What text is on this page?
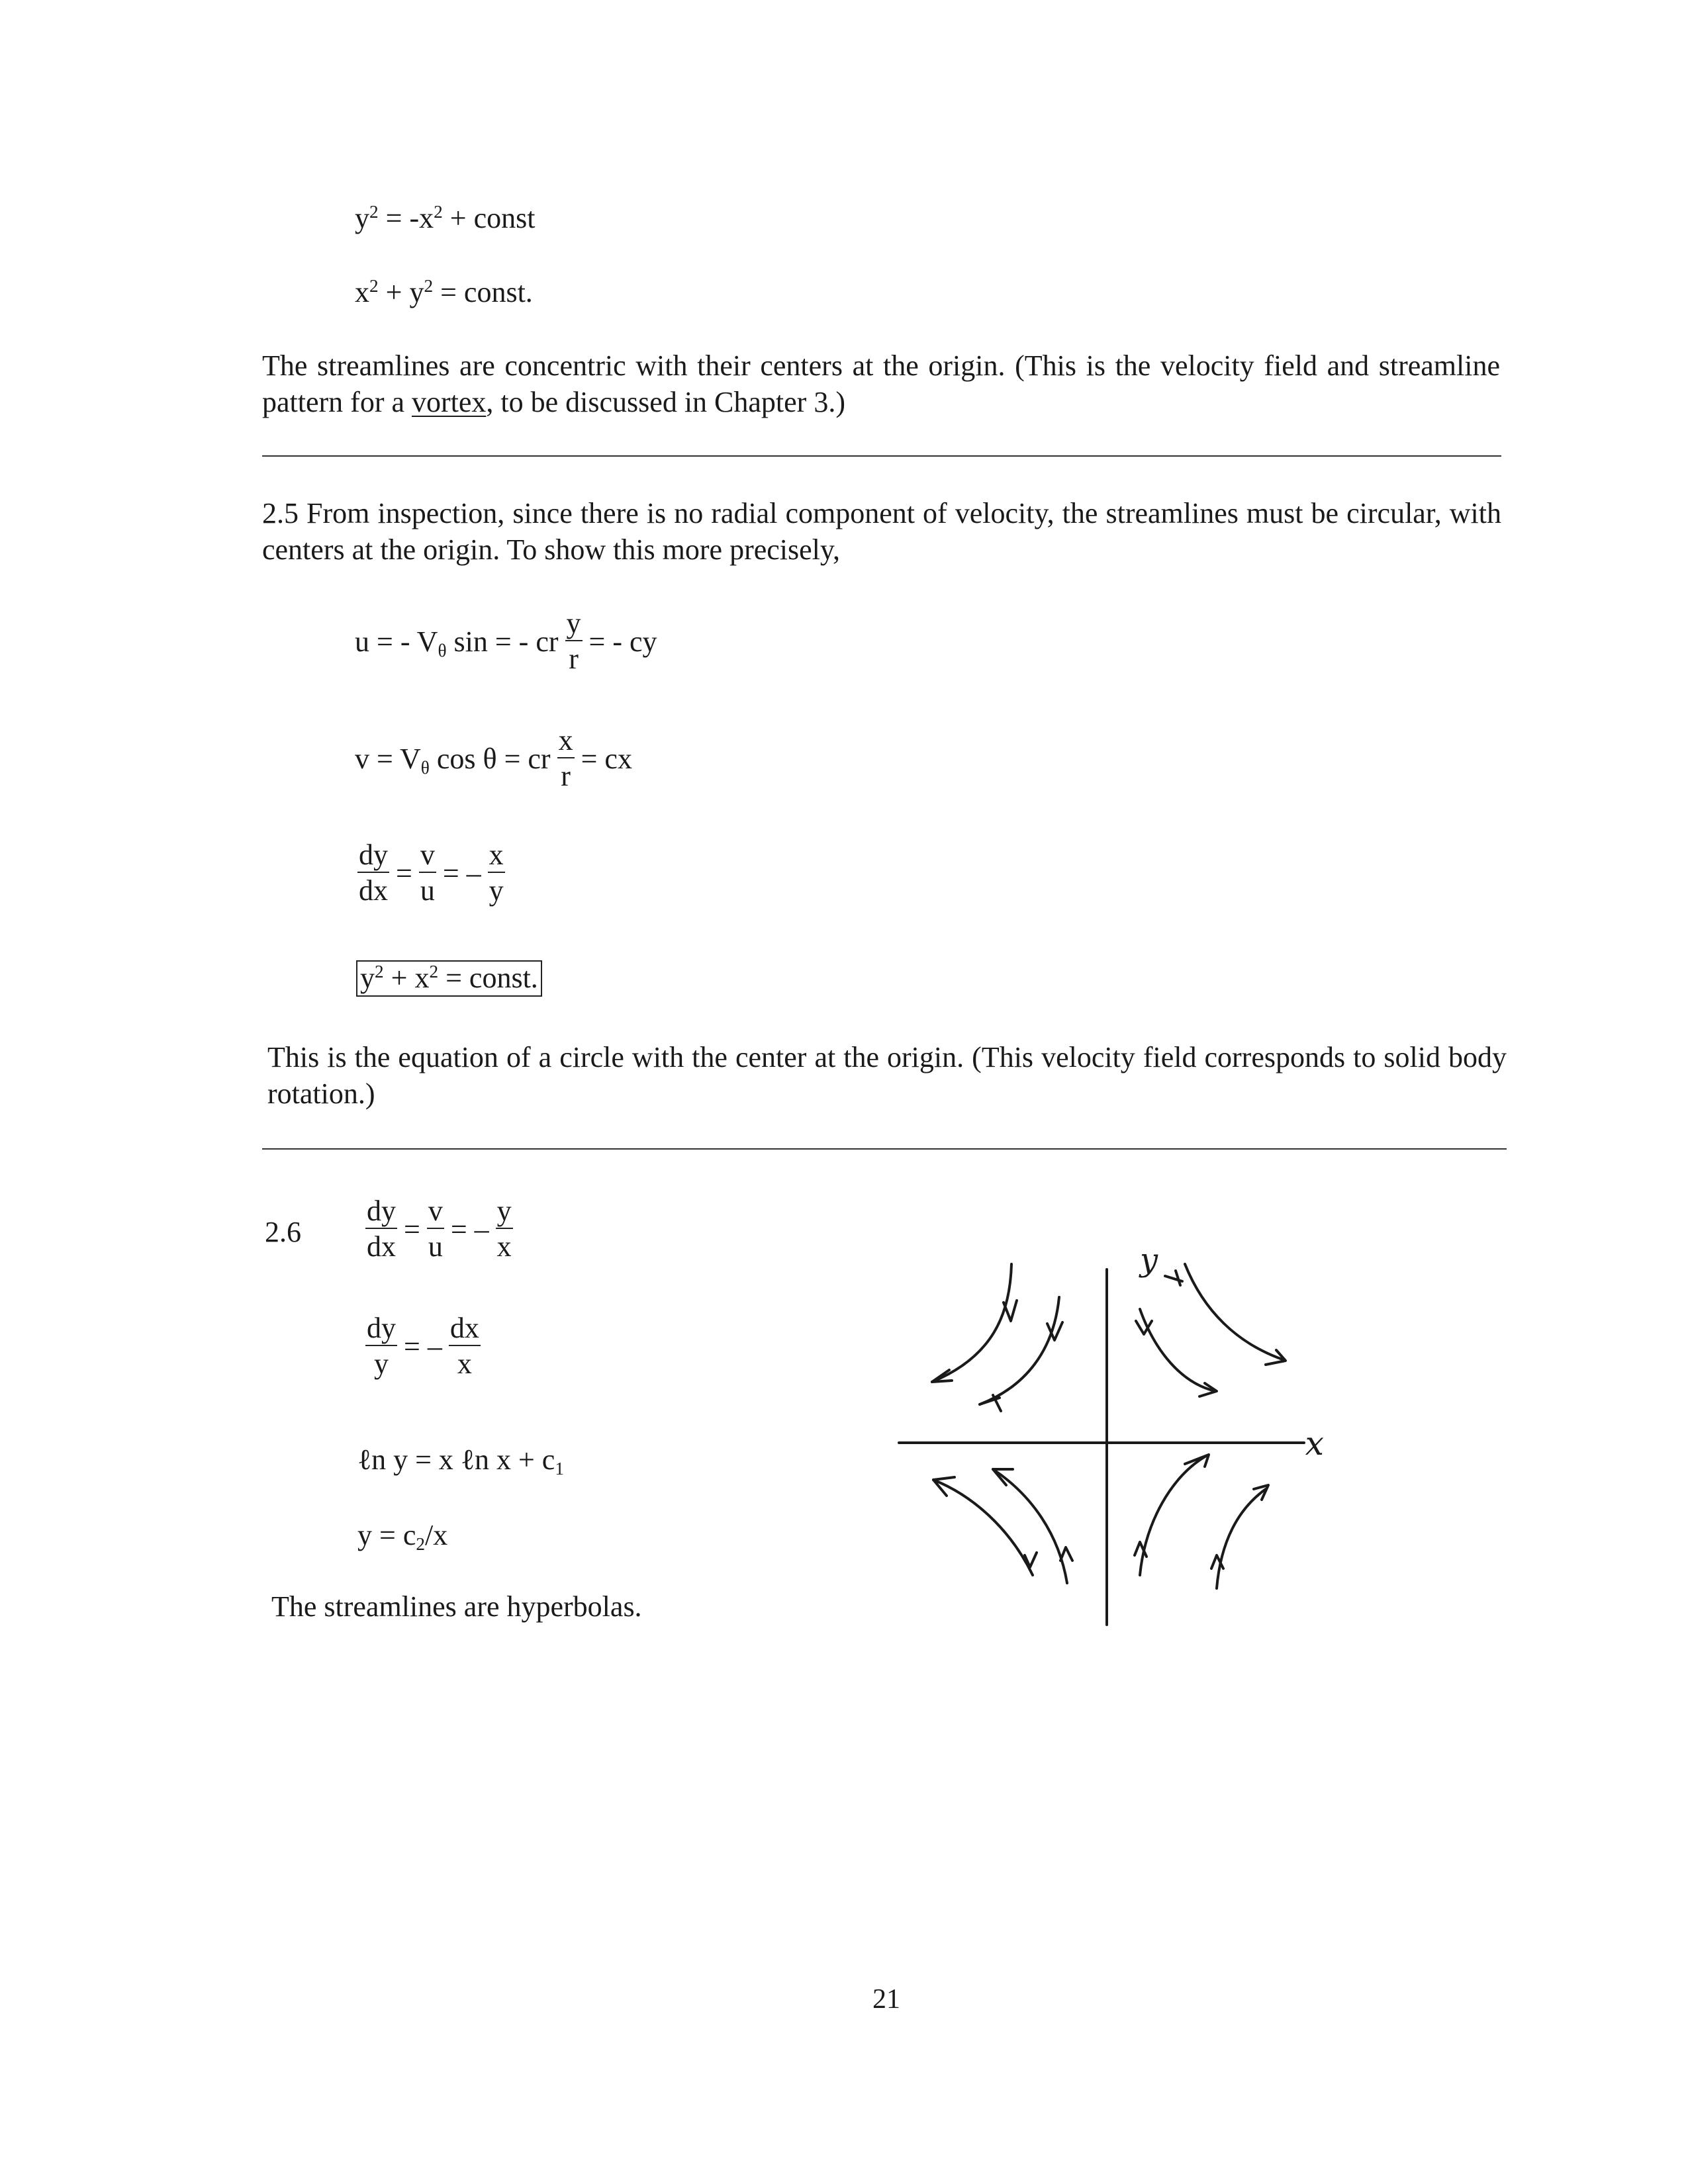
$y^2 = -x^2$ + const
$x^2 + y^2$ = const.
The streamlines are concentric with their centers at the origin. (This is the velocity field and streamline pattern for a vortex, to be discussed in Chapter 3.)
2.5 From inspection, since there is no radial component of velocity, the streamlines must be circular, with centers at the origin. To show this more precisely,
u = - $V_\theta$ sin = - cr $\frac{y}{r}$ = - cy
$v = V_\theta$ cos θ = cr $\frac{x}{r}$ = cx
$\frac{dy}{dx} = \frac{v}{u}$ = – $\frac{x}{y}$
$y^2 + x^2$ = const.
This is the equation of a circle with the center at the origin. (This velocity field corresponds to solid body rotation.)
$2.6 \frac{dy}{dx} = \frac{v}{u}$ = – $\frac{y}{x}$
$\frac{dy}{y}$ = – $\frac{dx}{x}$
ℓn y = x ℓn $x + c_1$
$y = c_2/x$
The streamlines are hyperbolas.
x
y
21
